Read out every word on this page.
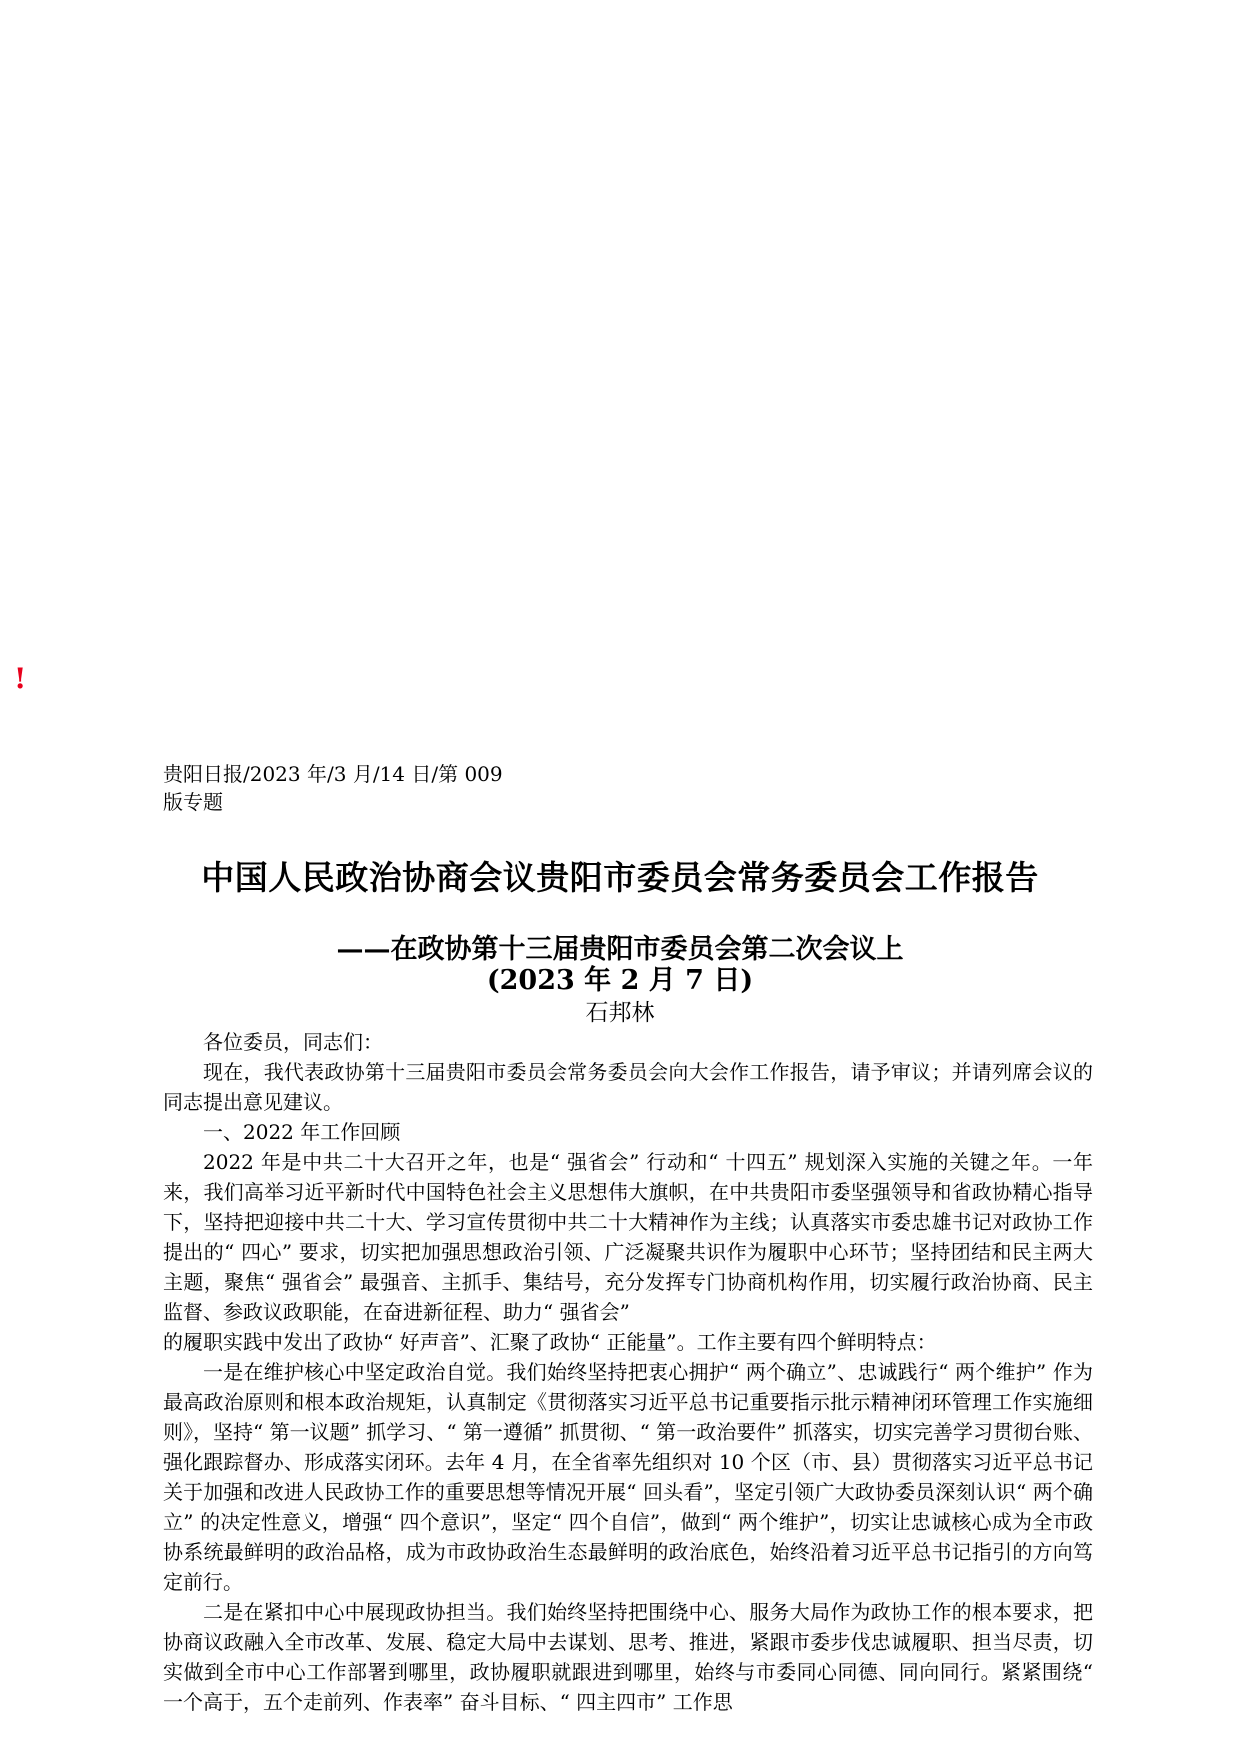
!
贵阳日报/2023 年/3 月/14 日/第 009
版专题
中国人民政治协商会议贵阳市委员会常务委员会工作报告
——在政协第十三届贵阳市委员会第二次会议上
(2023 年 2 月 7 日)
石邦林

各位委员，同志们：

现在，我代表政协第十三届贵阳市委员会常务委员会向大会作工作报告，请予审议；并请列席会议的同志提出意见建议。

一、2022 年工作回顾

2022 年是中共二十大召开之年，也是“ 强省会” 行动和“ 十四五” 规划深入实施的关键之年。一年来，我们高举习近平新时代中国特色社会主义思想伟大旗帜，在中共贵阳市委坚强领导和省政协精心指导下，坚持把迎接中共二十大、学习宣传贯彻中共二十大精神作为主线；认真落实市委忠雄书记对政协工作提出的“ 四心” 要求，切实把加强思想政治引领、广泛凝聚共识作为履职中心环节；坚持团结和民主两大主题，聚焦“ 强省会” 最强音、主抓手、集结号，充分发挥专门协商机构作用，切实履行政治协商、民主监督、参政议政职能，在奋进新征程、助力“ 强省会”

的履职实践中发出了政协“ 好声音”、汇聚了政协“ 正能量”。工作主要有四个鲜明特点：

一是在维护核心中坚定政治自觉。我们始终坚持把衷心拥护“ 两个确立”、忠诚践行“ 两个维护” 作为最高政治原则和根本政治规矩，认真制定《贯彻落实习近平总书记重要指示批示精神闭环管理工作实施细则》，坚持“ 第一议题” 抓学习、“ 第一遵循” 抓贯彻、“ 第一政治要件” 抓落实，切实完善学习贯彻台账、强化跟踪督办、形成落实闭环。去年 4 月，在全省率先组织对 10 个区（市、县）贯彻落实习近平总书记关于加强和改进人民政协工作的重要思想等情况开展“ 回头看”，坚定引领广大政协委员深刻认识“ 两个确立” 的决定性意义，增强“ 四个意识”，坚定“ 四个自信”，做到“ 两个维护”，切实让忠诚核心成为全市政协系统最鲜明的政治品格，成为市政协政治生态最鲜明的政治底色，始终沿着习近平总书记指引的方向笃定前行。

二是在紧扣中心中展现政协担当。我们始终坚持把围绕中心、服务大局作为政协工作的根本要求，把协商议政融入全市改革、发展、稳定大局中去谋划、思考、推进，紧跟市委步伐忠诚履职、担当尽责，切实做到全市中心工作部署到哪里，政协履职就跟进到哪里，始终与市委同心同德、同向同行。紧紧围绕“ 一个高于，五个走前列、作表率” 奋斗目标、“ 四主四市” 工作思
